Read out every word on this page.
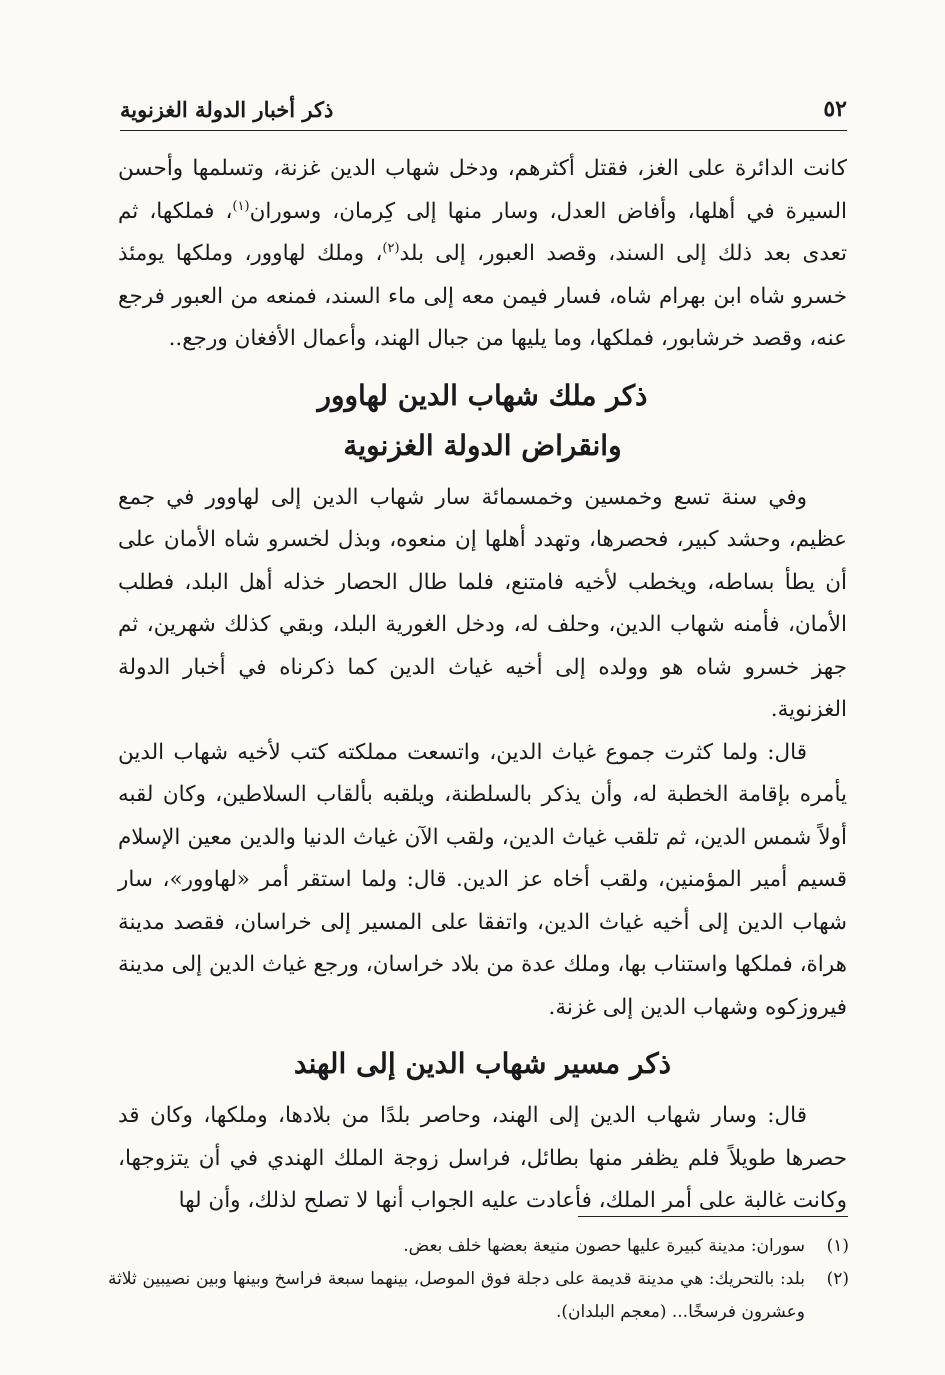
٥٢
ذكر أخبار الدولة الغزنوية

كانت الدائرة على الغز، فقتل أكثرهم، ودخل شهاب الدين غزنة، وتسلمها وأحسن السيرة في أهلها، وأفاض العدل، وسار منها إلى كِرمان، وسوران$^{(١)}$، فملكها، ثم تعدى بعد ذلك إلى السند، وقصد العبور، إلى بلد$^{(٢)}$، وملك لهاوور، وملكها يومئذ خسرو شاه ابن بهرام شاه، فسار فيمن معه إلى ماء السند، فمنعه من العبور فرجع عنه، وقصد خرشابور، فملكها، وما يليها من جبال الهند، وأعمال الأفغان ورجع..

ذكر ملك شهاب الدين لهاوور
وانقراض الدولة الغزنوية

وفي سنة تسع وخمسين وخمسمائة سار شهاب الدين إلى لهاوور في جمع عظيم، وحشد كبير، فحصرها، وتهدد أهلها إن منعوه، وبذل لخسرو شاه الأمان على أن يطأ بساطه، ويخطب لأخيه فامتنع، فلما طال الحصار خذله أهل البلد، فطلب الأمان، فأمنه شهاب الدين، وحلف له، ودخل الغورية البلد، وبقي كذلك شهرين، ثم جهز خسرو شاه هو وولده إلى أخيه غياث الدين كما ذكرناه في أخبار الدولة الغزنوية.

قال: ولما كثرت جموع غياث الدين، واتسعت مملكته كتب لأخيه شهاب الدين يأمره بإقامة الخطبة له، وأن يذكر بالسلطنة، ويلقبه بألقاب السلاطين، وكان لقبه أولاً شمس الدين، ثم تلقب غياث الدين، ولقب الآن غياث الدنيا والدين معين الإسلام قسيم أمير المؤمنين، ولقب أخاه عز الدين. قال: ولما استقر أمر «لهاوور»، سار شهاب الدين إلى أخيه غياث الدين، واتفقا على المسير إلى خراسان، فقصد مدينة هراة، فملكها واستناب بها، وملك عدة من بلاد خراسان، ورجع غياث الدين إلى مدينة فيروزكوه وشهاب الدين إلى غزنة.

ذكر مسير شهاب الدين إلى الهند

قال: وسار شهاب الدين إلى الهند، وحاصر بلدًا من بلادها، وملكها، وكان قد حصرها طويلاً فلم يظفر منها بطائل، فراسل زوجة الملك الهندي في أن يتزوجها، وكانت غالبة على أمر الملك، فأعادت عليه الجواب أنها لا تصلح لذلك، وأن لها

(١)
سوران: مدينة كبيرة عليها حصون منيعة بعضها خلف بعض.
(٢)
بلد: بالتحريك: هي مدينة قديمة على دجلة فوق الموصل، بينهما سبعة فراسخ وبينها وبين نصيبين ثلاثة وعشرون فرسخًا... (معجم البلدان).
